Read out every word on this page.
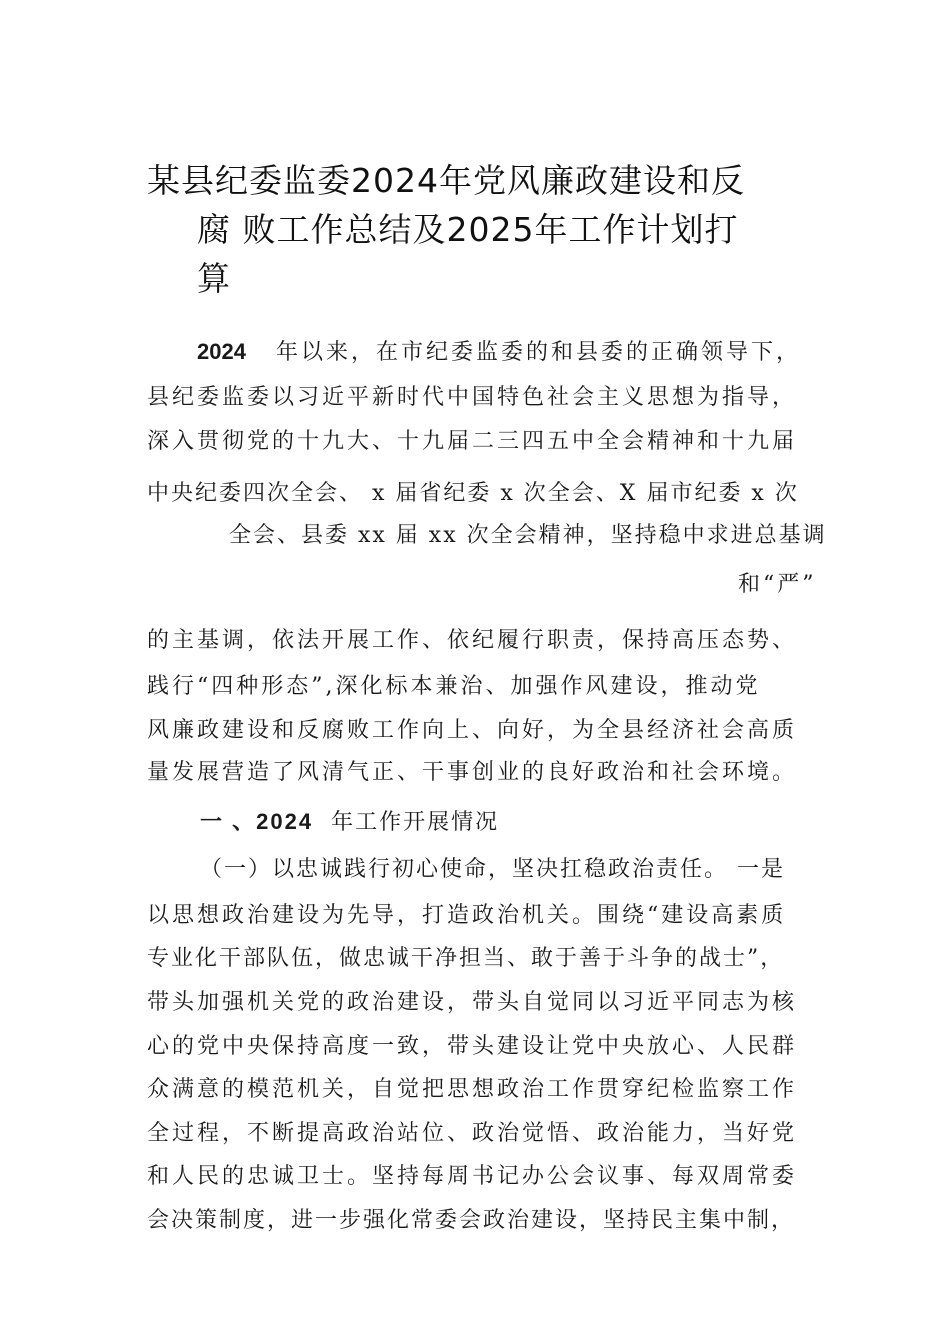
某县纪委监委2024年党风廉政建设和反
腐 败工作总结及2025年工作计划打
算
2024 年以来，在市纪委监委的和县委的正确领导下，
县纪委监委以习近平新时代中国特色社会主义思想为指导，
深入贯彻党的十九大、十九届二三四五中全会精神和十九届
中央纪委四次全会、 x 届省纪委 x 次全会、X 届市纪委 x 次
全会、县委 xx 届 xx 次全会精神，坚持稳中求进总基调
和“严”
的主基调，依法开展工作、依纪履行职责，保持高压态势、
践行“四种形态”,深化标本兼治、加强作风建设，推动党
风廉政建设和反腐败工作向上、向好，为全县经济社会高质
量发展营造了风清气正、干事创业的良好政治和社会环境。
一 、2024 年工作开展情况
（一）以忠诚践行初心使命，坚决扛稳政治责任。 一是
以思想政治建设为先导，打造政治机关。围绕“建设高素质
专业化干部队伍，做忠诚干净担当、敢于善于斗争的战士”，
带头加强机关党的政治建设，带头自觉同以习近平同志为核
心的党中央保持高度一致，带头建设让党中央放心、人民群
众满意的模范机关，自觉把思想政治工作贯穿纪检监察工作
全过程，不断提高政治站位、政治觉悟、政治能力，当好党
和人民的忠诚卫士。坚持每周书记办公会议事、每双周常委
会决策制度，进一步强化常委会政治建设，坚持民主集中制，
